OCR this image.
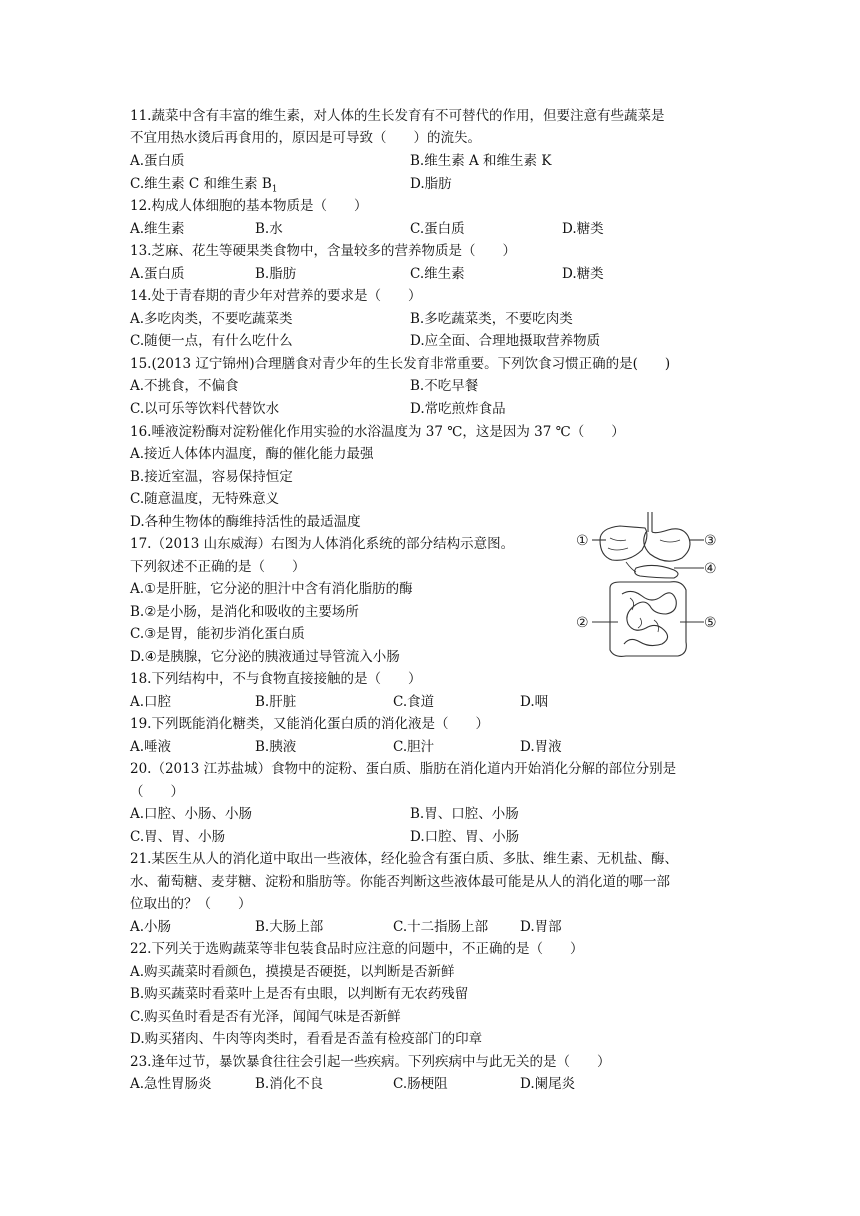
11.蔬菜中含有丰富的维生素，对人体的生长发育有不可替代的作用，但要注意有些蔬菜是
不宜用热水烫后再食用的，原因是可导致（　　）的流失。
A.蛋白质	B.维生素 A 和维生素 K
C.维生素 C 和维生素 $B_1$	D.脂肪
12.构成人体细胞的基本物质是（　　）
A.维生素	B.水	C.蛋白质	D.糖类
13.芝麻、花生等硬果类食物中，含量较多的营养物质是（　　）
A.蛋白质	B.脂肪	C.维生素	D.糖类
14.处于青春期的青少年对营养的要求是（　　）
A.多吃肉类，不要吃蔬菜类	B.多吃蔬菜类，不要吃肉类
C.随便一点，有什么吃什么	D.应全面、合理地摄取营养物质
15.(2013 辽宁锦州)合理膳食对青少年的生长发育非常重要。下列饮食习惯正确的是(　　)
A.不挑食，不偏食	B.不吃早餐
C.以可乐等饮料代替饮水	D.常吃煎炸食品
16.唾液淀粉酶对淀粉催化作用实验的水浴温度为 37 ℃，这是因为 37 ℃（　　）
A.接近人体体内温度，酶的催化能力最强
B.接近室温，容易保持恒定
C.随意温度，无特殊意义
D.各种生物体的酶维持活性的最适温度
17.（2013 山东威海）右图为人体消化系统的部分结构示意图。
下列叙述不正确的是（　　）
A.①是肝脏，它分泌的胆汁中含有消化脂肪的酶
B.②是小肠，是消化和吸收的主要场所
C.③是胃，能初步消化蛋白质
D.④是胰腺，它分泌的胰液通过导管流入小肠
①
②
③
④
⑤
18.下列结构中，不与食物直接接触的是（　　）
A.口腔	B.肝脏	C.食道	D.咽
19.下列既能消化糖类，又能消化蛋白质的消化液是（　　）
A.唾液	B.胰液	C.胆汁	D.胃液
20.（2013 江苏盐城）食物中的淀粉、蛋白质、脂肪在消化道内开始消化分解的部位分别是
（　　）
A.口腔、小肠、小肠	B.胃、口腔、小肠
C.胃、胃、小肠	D.口腔、胃、小肠
21.某医生从人的消化道中取出一些液体，经化验含有蛋白质、多肽、维生素、无机盐、酶、
水、葡萄糖、麦芽糖、淀粉和脂肪等。你能否判断这些液体最可能是从人的消化道的哪一部
位取出的？（　　）
A.小肠	B.大肠上部	C.十二指肠上部 D.胃部
22.下列关于选购蔬菜等非包装食品时应注意的问题中，不正确的是（　　）
A.购买蔬菜时看颜色，摸摸是否硬挺，以判断是否新鲜
B.购买蔬菜时看菜叶上是否有虫眼，以判断有无农药残留
C.购买鱼时看是否有光泽，闻闻气味是否新鲜
D.购买猪肉、牛肉等肉类时，看看是否盖有检疫部门的印章
23.逢年过节，暴饮暴食往往会引起一些疾病。下列疾病中与此无关的是（　　）
A.急性胃肠炎	B.消化不良	C.肠梗阻	D.阑尾炎
